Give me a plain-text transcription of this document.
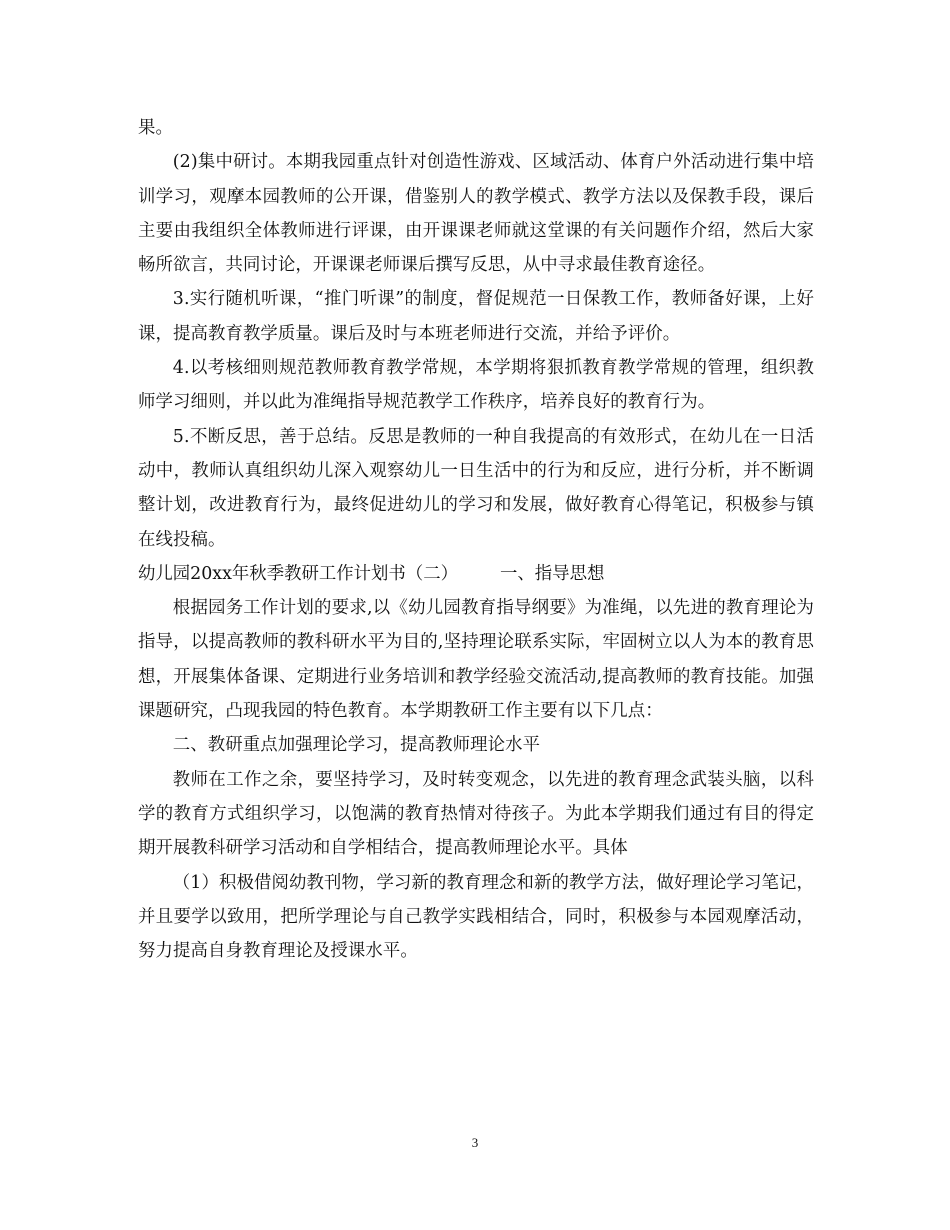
果。

(2)集中研讨。本期我园重点针对创造性游戏、区域活动、体育户外活动进行集中培训学习，观摩本园教师的公开课，借鉴别人的教学模式、教学方法以及保教手段，课后主要由我组织全体教师进行评课，由开课课老师就这堂课的有关问题作介绍，然后大家畅所欲言，共同讨论，开课课老师课后撰写反思，从中寻求最佳教育途径。

3.实行随机听课，“推门听课”的制度，督促规范一日保教工作，教师备好课，上好课，提高教育教学质量。课后及时与本班老师进行交流，并给予评价。

4.以考核细则规范教师教育教学常规，本学期将狠抓教育教学常规的管理，组织教师学习细则，并以此为准绳指导规范教学工作秩序，培养良好的教育行为。

5.不断反思，善于总结。反思是教师的一种自我提高的有效形式，在幼儿在一日活动中，教师认真组织幼儿深入观察幼儿一日生活中的行为和反应，进行分析，并不断调整计划，改进教育行为，最终促进幼儿的学习和发展，做好教育心得笔记，积极参与镇在线投稿。

幼儿园20xx年秋季教研工作计划书（二） 一、指导思想

根据园务工作计划的要求,以《幼儿园教育指导纲要》为准绳，以先进的教育理论为指导，以提高教师的教科研水平为目的,坚持理论联系实际，牢固树立以人为本的教育思想，开展集体备课、定期进行业务培训和教学经验交流活动,提高教师的教育技能。加强课题研究，凸现我园的特色教育。本学期教研工作主要有以下几点：

二、教研重点加强理论学习，提高教师理论水平

教师在工作之余，要坚持学习，及时转变观念，以先进的教育理念武装头脑，以科学的教育方式组织学习，以饱满的教育热情对待孩子。为此本学期我们通过有目的得定期开展教科研学习活动和自学相结合，提高教师理论水平。具体

（1）积极借阅幼教刊物，学习新的教育理念和新的教学方法，做好理论学习笔记，并且要学以致用，把所学理论与自己教学实践相结合，同时，积极参与本园观摩活动，努力提高自身教育理论及授课水平。

3
